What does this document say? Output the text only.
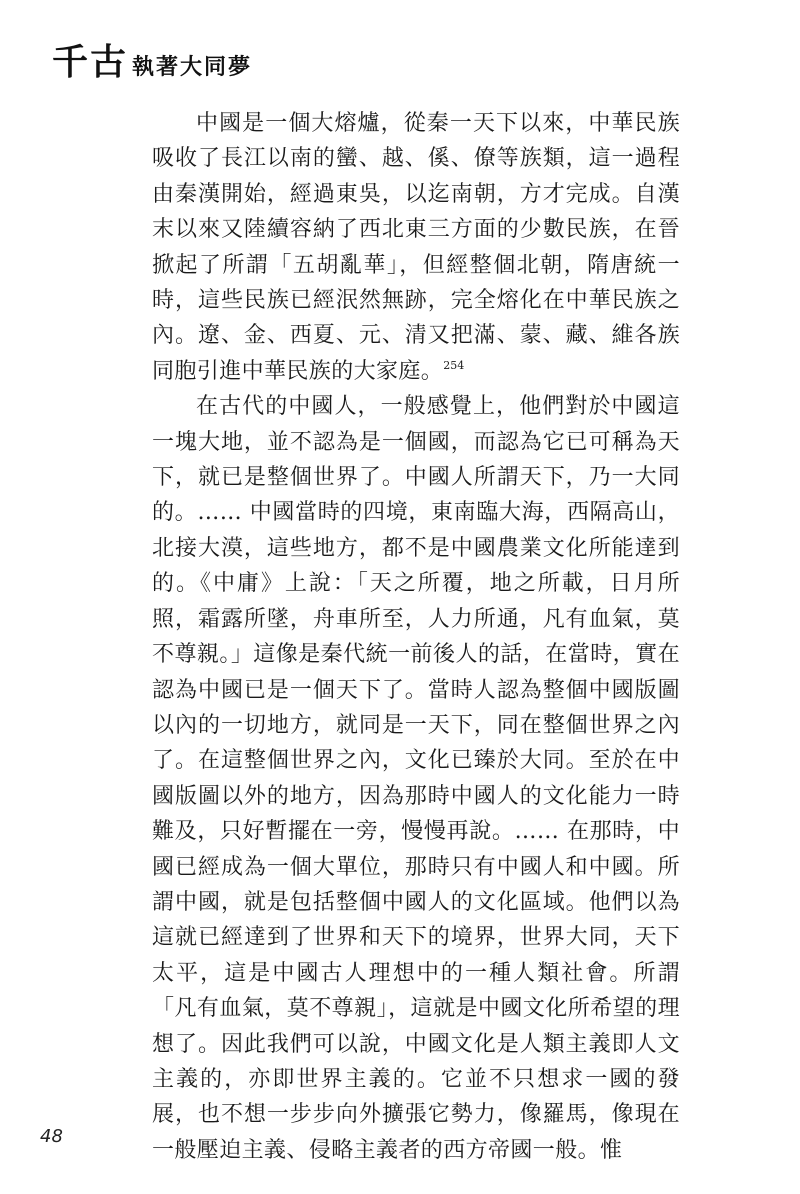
千古 執著大同夢

中國是一個大熔爐，從秦一天下以來，中華民族吸收了長江以南的蠻、越、傒、僚等族類，這一過程由秦漢開始，經過東吳，以迄南朝，方才完成。自漢末以來又陸續容納了西北東三方面的少數民族，在晉掀起了所謂「五胡亂華」，但經整個北朝，隋唐統一時，這些民族已經泯然無跡，完全熔化在中華民族之內。遼、金、西夏、元、清又把滿、蒙、藏、維各族同胞引進中華民族的大家庭。$^{254}$

在古代的中國人，一般感覺上，他們對於中國這一塊大地，並不認為是一個國，而認為它已可稱為天下，就已是整個世界了。中國人所謂天下，乃一大同的。…… 中國當時的四境，東南臨大海，西隔高山，北接大漠，這些地方，都不是中國農業文化所能達到的。《中庸》上說：「天之所覆，地之所載，日月所照，霜露所墜，舟車所至，人力所通，凡有血氣，莫不尊親。」這像是秦代統一前後人的話，在當時，實在認為中國已是一個天下了。當時人認為整個中國版圖以內的一切地方，就同是一天下，同在整個世界之內了。在這整個世界之內，文化已臻於大同。至於在中國版圖以外的地方，因為那時中國人的文化能力一時難及，只好暫擺在一旁，慢慢再說。…… 在那時，中國已經成為一個大單位，那時只有中國人和中國。所謂中國，就是包括整個中國人的文化區域。他們以為這就已經達到了世界和天下的境界，世界大同，天下太平，這是中國古人理想中的一種人類社會。所謂「凡有血氣，莫不尊親」，這就是中國文化所希望的理想了。因此我們可以說，中國文化是人類主義即人文主義的，亦即世界主義的。它並不只想求一國的發展，也不想一步步向外擴張它勢力，像羅馬，像現在一般壓迫主義、侵略主義者的西方帝國一般。惟

48
